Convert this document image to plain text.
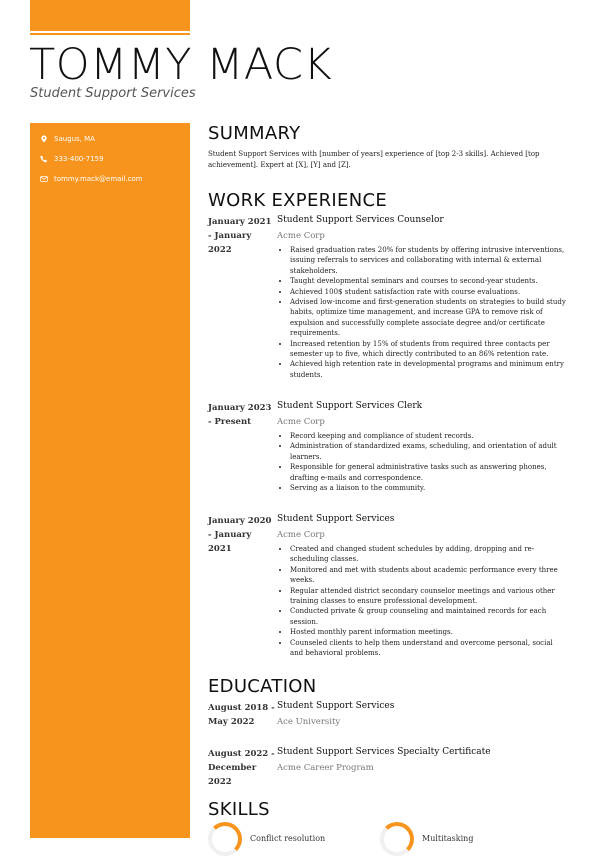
TOMMY MACK
Student Support Services
Saugus, MA
333-400-7159
tommy.mack@email.com
SUMMARY
Student Support Services with [number of years] experience of [top 2-3 skills]. Achieved [top achievement]. Expert at [X], [Y] and [Z].
WORK EXPERIENCE
January 2021 - January 2022
Student Support Services Counselor
Acme Corp
• Raised graduation rates 20% for students by offering intrusive interventions, issuing referrals to services and collaborating with internal & external stakeholders.
• Taught developmental seminars and courses to second-year students.
• Achieved 100$ student satisfaction rate with course evaluations.
• Advised low-income and first-generation students on strategies to build study habits, optimize time management, and increase GPA to remove risk of expulsion and successfully complete associate degree and/or certificate requirements.
• Increased retention by 15% of students from required three contacts per semester up to five, which directly contributed to an 86% retention rate.
• Achieved high retention rate in developmental programs and minimum entry students.
January 2023 - Present
Student Support Services Clerk
Acme Corp
• Record keeping and compliance of student records.
• Administration of standardized exams, scheduling, and orientation of adult learners.
• Responsible for general administrative tasks such as answering phones, drafting e-mails and correspondence.
• Serving as a liaison to the community.
January 2020 - January 2021
Student Support Services
Acme Corp
• Created and changed student schedules by adding, dropping and re-scheduling classes.
• Monitored and met with students about academic performance every three weeks.
• Regular attended district secondary counselor meetings and various other training classes to ensure professional development.
• Conducted private & group counseling and maintained records for each session.
• Hosted monthly parent information meetings.
• Counseled clients to help them understand and overcome personal, social and behavioral problems.
EDUCATION
August 2018 - May 2022
Student Support Services
Ace University
August 2022 - December 2022
Student Support Services Specialty Certificate
Acme Career Program
SKILLS
Conflict resolution	Multitasking
